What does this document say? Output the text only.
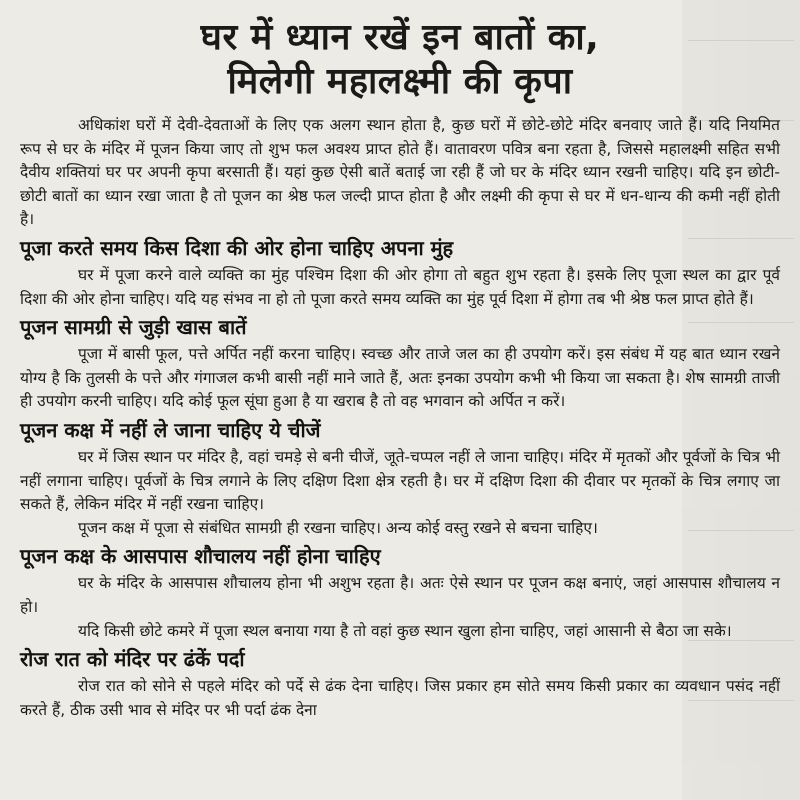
घर में ध्यान रखें इन बातों का,
मिलेगी महालक्ष्मी की कृपा

अधिकांश घरों में देवी-देवताओं के लिए एक अलग स्थान होता है, कुछ घरों में छोटे-छोटे मंदिर बनवाए जाते हैं। यदि नियमित रूप से घर के मंदिर में पूजन किया जाए तो शुभ फल अवश्य प्राप्त होते हैं। वातावरण पवित्र बना रहता है, जिससे महालक्ष्मी सहित सभी दैवीय शक्तियां घर पर अपनी कृपा बरसाती हैं। यहां कुछ ऐसी बातें बताई जा रही हैं जो घर के मंदिर ध्यान रखनी चाहिए। यदि इन छोटी-छोटी बातों का ध्यान रखा जाता है तो पूजन का श्रेष्ठ फल जल्दी प्राप्त होता है और लक्ष्मी की कृपा से घर में धन-धान्य की कमी नहीं होती है।

पूजा करते समय किस दिशा की ओर होना चाहिए अपना मुंह

घर में पूजा करने वाले व्यक्ति का मुंह पश्चिम दिशा की ओर होगा तो बहुत शुभ रहता है। इसके लिए पूजा स्थल का द्वार पूर्व दिशा की ओर होना चाहिए। यदि यह संभव ना हो तो पूजा करते समय व्यक्ति का मुंह पूर्व दिशा में होगा तब भी श्रेष्ठ फल प्राप्त होते हैं।

पूजन सामग्री से जुड़ी खास बातें

पूजा में बासी फूल, पत्ते अर्पित नहीं करना चाहिए। स्वच्छ और ताजे जल का ही उपयोग करें। इस संबंध में यह बात ध्यान रखने योग्य है कि तुलसी के पत्ते और गंगाजल कभी बासी नहीं माने जाते हैं, अतः इनका उपयोग कभी भी किया जा सकता है। शेष सामग्री ताजी ही उपयोग करनी चाहिए। यदि कोई फूल सूंघा हुआ है या खराब है तो वह भगवान को अर्पित न करें।

पूजन कक्ष में नहीं ले जाना चाहिए ये चीजें

घर में जिस स्थान पर मंदिर है, वहां चमड़े से बनी चीजें, जूते-चप्पल नहीं ले जाना चाहिए। मंदिर में मृतकों और पूर्वजों के चित्र भी नहीं लगाना चाहिए। पूर्वजों के चित्र लगाने के लिए दक्षिण दिशा क्षेत्र रहती है। घर में दक्षिण दिशा की दीवार पर मृतकों के चित्र लगाए जा सकते हैं, लेकिन मंदिर में नहीं रखना चाहिए।

पूजन कक्ष में पूजा से संबंधित सामग्री ही रखना चाहिए। अन्य कोई वस्तु रखने से बचना चाहिए।

पूजन कक्ष के आसपास शौचालय नहीं होना चाहिए

घर के मंदिर के आसपास शौचालय होना भी अशुभ रहता है। अतः ऐसे स्थान पर पूजन कक्ष बनाएं, जहां आसपास शौचालय न हो।

यदि किसी छोटे कमरे में पूजा स्थल बनाया गया है तो वहां कुछ स्थान खुला होना चाहिए, जहां आसानी से बैठा जा सके।

रोज रात को मंदिर पर ढंकें पर्दा

रोज रात को सोने से पहले मंदिर को पर्दे से ढंक देना चाहिए। जिस प्रकार हम सोते समय किसी प्रकार का व्यवधान पसंद नहीं करते हैं, ठीक उसी भाव से मंदिर पर भी पर्दा ढंक देना
